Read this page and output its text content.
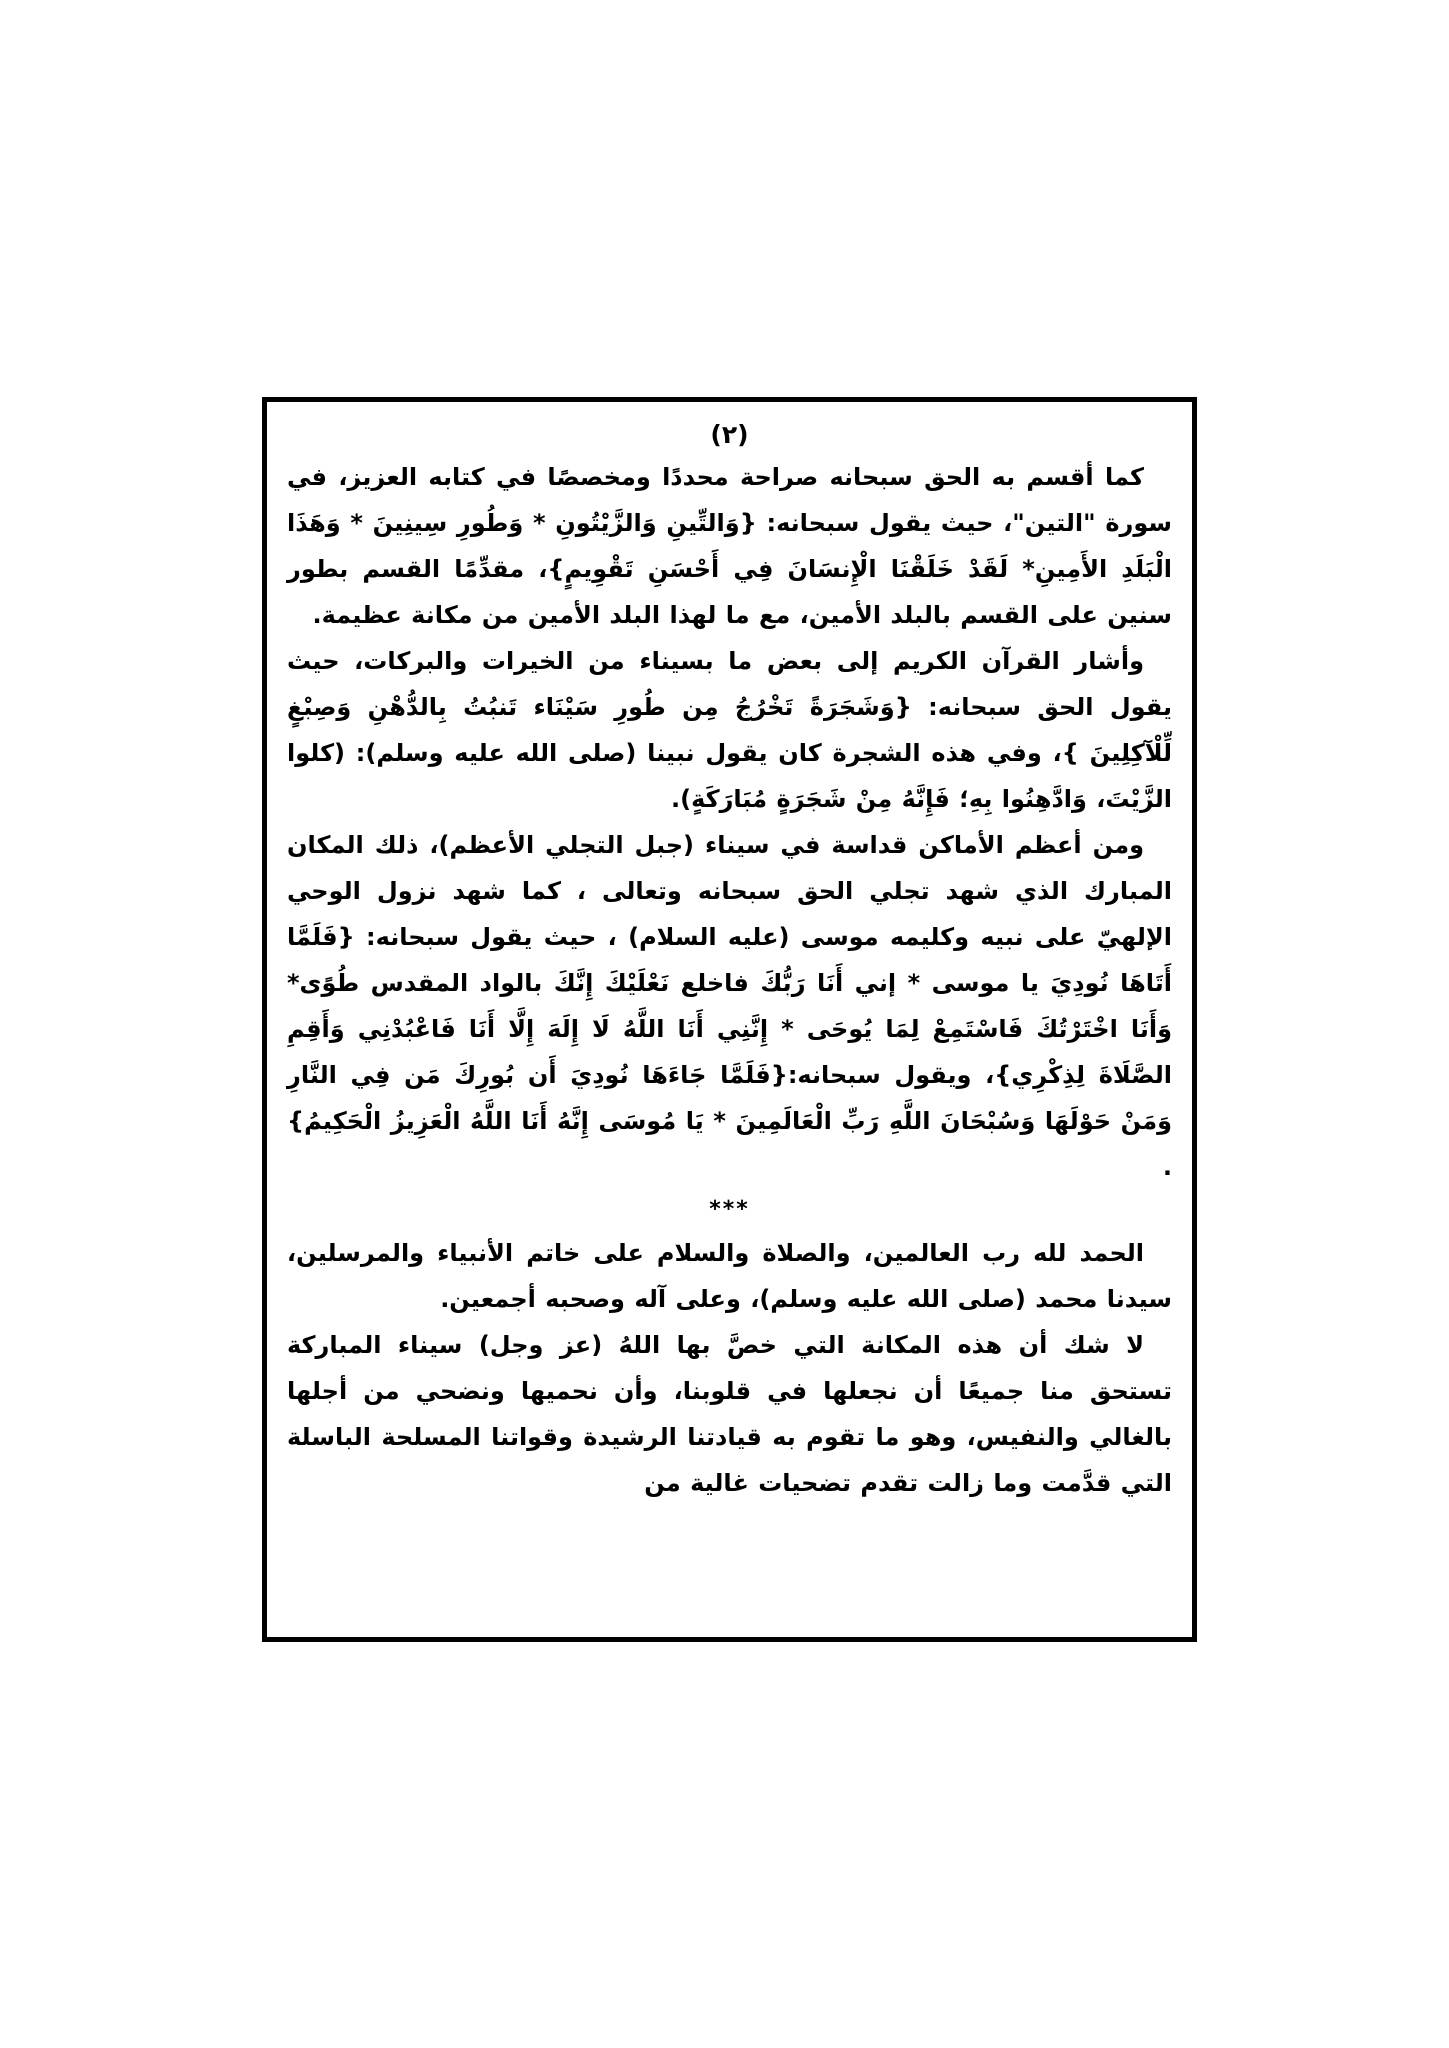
(٢)

كما أقسم به الحق سبحانه صراحة محددًا ومخصصًا في كتابه العزيز، في سورة "التين"، حيث يقول سبحانه: {وَالتِّينِ وَالزَّيْتُونِ * وَطُورِ سِينِينَ * وَهَذَا الْبَلَدِ الأَمِينِ* لَقَدْ خَلَقْنَا الْإِنسَانَ فِي أَحْسَنِ تَقْوِيمٍ}، مقدِّمًا القسم بطور سنين على القسم بالبلد الأمين، مع ما لهذا البلد الأمين من مكانة عظيمة.

وأشار القرآن الكريم إلى بعض ما بسيناء من الخيرات والبركات، حيث يقول الحق سبحانه: {وَشَجَرَةً تَخْرُجُ مِن طُورِ سَيْنَاء تَنبُتُ بِالدُّهْنِ وَصِبْغٍ لِّلْآكِلِينَ }، وفي هذه الشجرة كان يقول نبينا (صلى الله عليه وسلم): (كلوا الزَّيْتَ، وَادَّهِنُوا بِهِ؛ فَإِنَّهُ مِنْ شَجَرَةٍ مُبَارَكَةٍ).

ومن أعظم الأماكن قداسة في سيناء (جبل التجلي الأعظم)، ذلك المكان المبارك الذي شهد تجلي الحق سبحانه وتعالى ، كما شهد نزول الوحي الإلهيّ على نبيه وكليمه موسى (عليه السلام) ، حيث يقول سبحانه: {فَلَمَّا أَتَاهَا نُودِيَ يا موسى * إني أَنَا رَبُّكَ فاخلع نَعْلَيْكَ إِنَّكَ بالواد المقدس طُوًى* وَأَنَا اخْتَرْتُكَ فَاسْتَمِعْ لِمَا يُوحَى * إِنَّنِي أَنَا اللَّهُ لَا إِلَهَ إِلَّا أَنَا فَاعْبُدْنِي وَأَقِمِ الصَّلَاةَ لِذِكْرِي}، ويقول سبحانه:{فَلَمَّا جَاءَهَا نُودِيَ أَن بُورِكَ مَن فِي النَّارِ وَمَنْ حَوْلَهَا وَسُبْحَانَ اللَّهِ رَبِّ الْعَالَمِينَ * يَا مُوسَى إِنَّهُ أَنَا اللَّهُ الْعَزِيزُ الْحَكِيمُ} .

***

الحمد لله رب العالمين، والصلاة والسلام على خاتم الأنبياء والمرسلين، سيدنا محمد (صلى الله عليه وسلم)، وعلى آله وصحبه أجمعين.

لا شك أن هذه المكانة التي خصَّ بها اللهُ (عز وجل) سيناء المباركة تستحق منا جميعًا أن نجعلها في قلوبنا، وأن نحميها ونضحي من أجلها بالغالي والنفيس، وهو ما تقوم به قيادتنا الرشيدة وقواتنا المسلحة الباسلة التي قدَّمت وما زالت تقدم تضحيات غالية من
